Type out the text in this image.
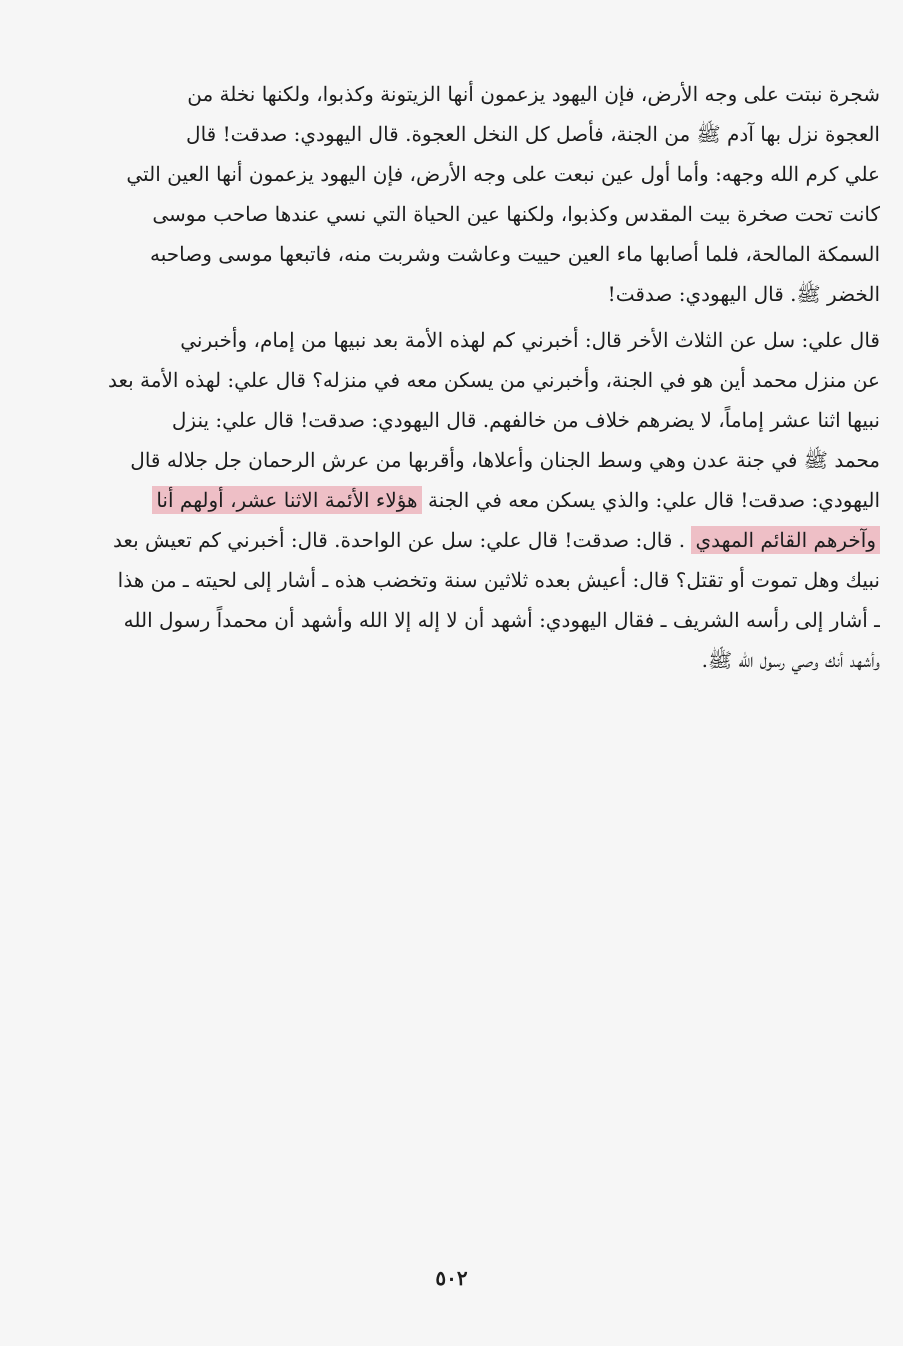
شجرة نبتت على وجه الأرض، فإن اليهود يزعمون أنها الزيتونة وكذبوا، ولكنها نخلة من
العجوة نزل بها آدم ﷺ من الجنة، فأصل كل النخل العجوة. قال اليهودي: صدقت! قال
علي كرم الله وجهه: وأما أول عين نبعت على وجه الأرض، فإن اليهود يزعمون أنها العين التي
كانت تحت صخرة بيت المقدس وكذبوا، ولكنها عين الحياة التي نسي عندها صاحب موسى
السمكة المالحة، فلما أصابها ماء العين حييت وعاشت وشربت منه، فاتبعها موسى وصاحبه
الخضر ﷺ. قال اليهودي: صدقت!
قال علي: سل عن الثلاث الأخر قال: أخبرني كم لهذه الأمة بعد نبيها من إمام، وأخبرني
عن منزل محمد أين هو في الجنة، وأخبرني من يسكن معه في منزله؟ قال علي: لهذه الأمة بعد
نبيها اثنا عشر إماماً، لا يضرهم خلاف من خالفهم. قال اليهودي: صدقت! قال علي: ينزل
محمد ﷺ في جنة عدن وهي وسط الجنان وأعلاها، وأقربها من عرش الرحمان جل جلاله قال
اليهودي: صدقت! قال علي: والذي يسكن معه في الجنة هؤلاء الأئمة الاثنا عشر، أولهم أنا
وآخرهم القائم المهدي . قال: صدقت! قال علي: سل عن الواحدة. قال: أخبرني كم تعيش بعد
نبيك وهل تموت أو تقتل؟ قال: أعيش بعده ثلاثين سنة وتخضب هذه ـ أشار إلى لحيته ـ من هذا
ـ أشار إلى رأسه الشريف ـ فقال اليهودي: أشهد أن لا إله إلا الله وأشهد أن محمداً رسول الله
وأشهد أنك وصي رسول الله ﷺ.
٥٠٢
